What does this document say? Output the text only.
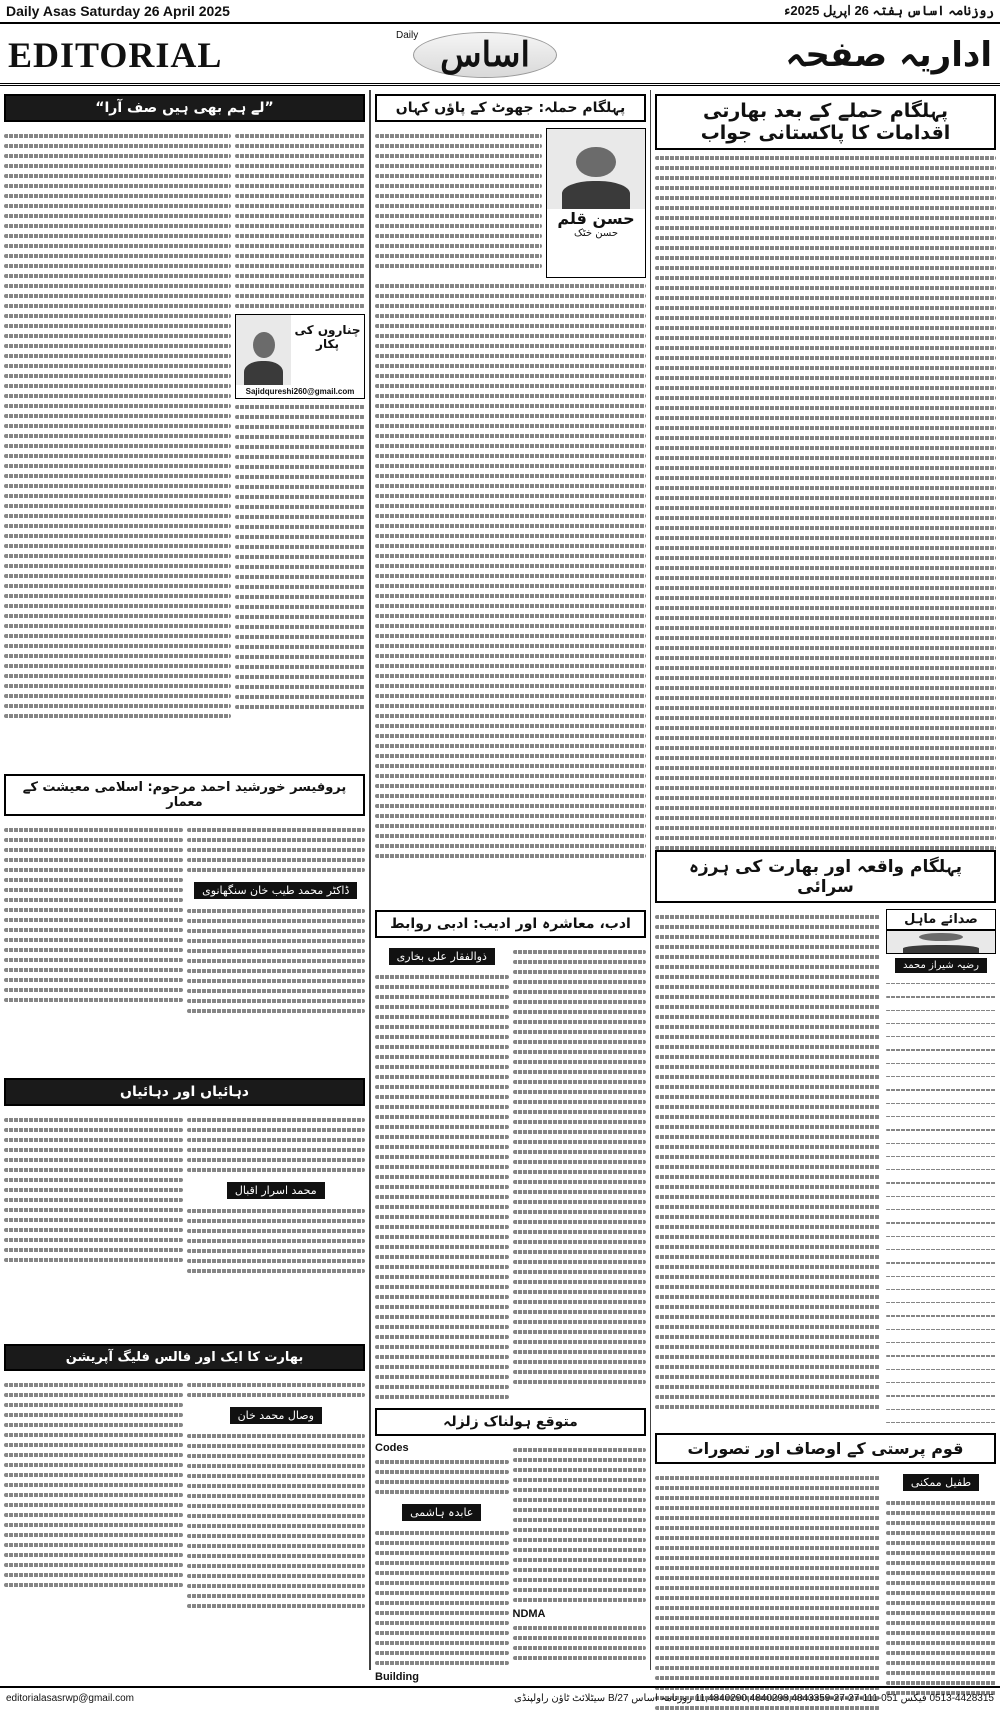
Daily Asas Saturday 26 April 2025	روزنامہ اساس ہفتہ 26 اپریل 2025ء
EDITORIAL	Daily اساس	اداریہ صفحہ
پہلگام حملے کے بعد بھارتی اقدامات کا پاکستانی جواب
پہلگام واقعہ اور بھارت کی ہرزہ سرائی
صدائے ماہل
رضیہ شیراز محمد
قوم پرستی کے اوصاف اور تصورات
طفیل ممکنی
پہلگام حملہ: جھوٹ کے پاؤں کہاں
حسن قلم
حسن خٹک
ادب، معاشرہ اور ادیب: ادبی روابط
ذوالفقار علی بخاری
متوقع ہولناک زلزلہ
Codes
عابدہ ہاشمی
Building
NDMA
”لے ہم بھی ہیں صف آرا“
چناروں کی پکار
Sajidqureshi260@gmail.com
پروفیسر خورشید احمد مرحوم: اسلامی معیشت کے معمار
ڈاکٹر محمد طیب خان سنگھانوی
دہائیاں اور دہائیاں
محمد اسرار اقبال
بھارت کا ایک اور فالس فلیگ آپریشن
وصال محمد خان
editorialasasrwp@gmail.com	0513-4428315 فیکس 051-111-27-27-11,4840290,4840298,4843359 روزنامہ اساس 27/B سیٹلائٹ ٹاؤن راولپنڈی
